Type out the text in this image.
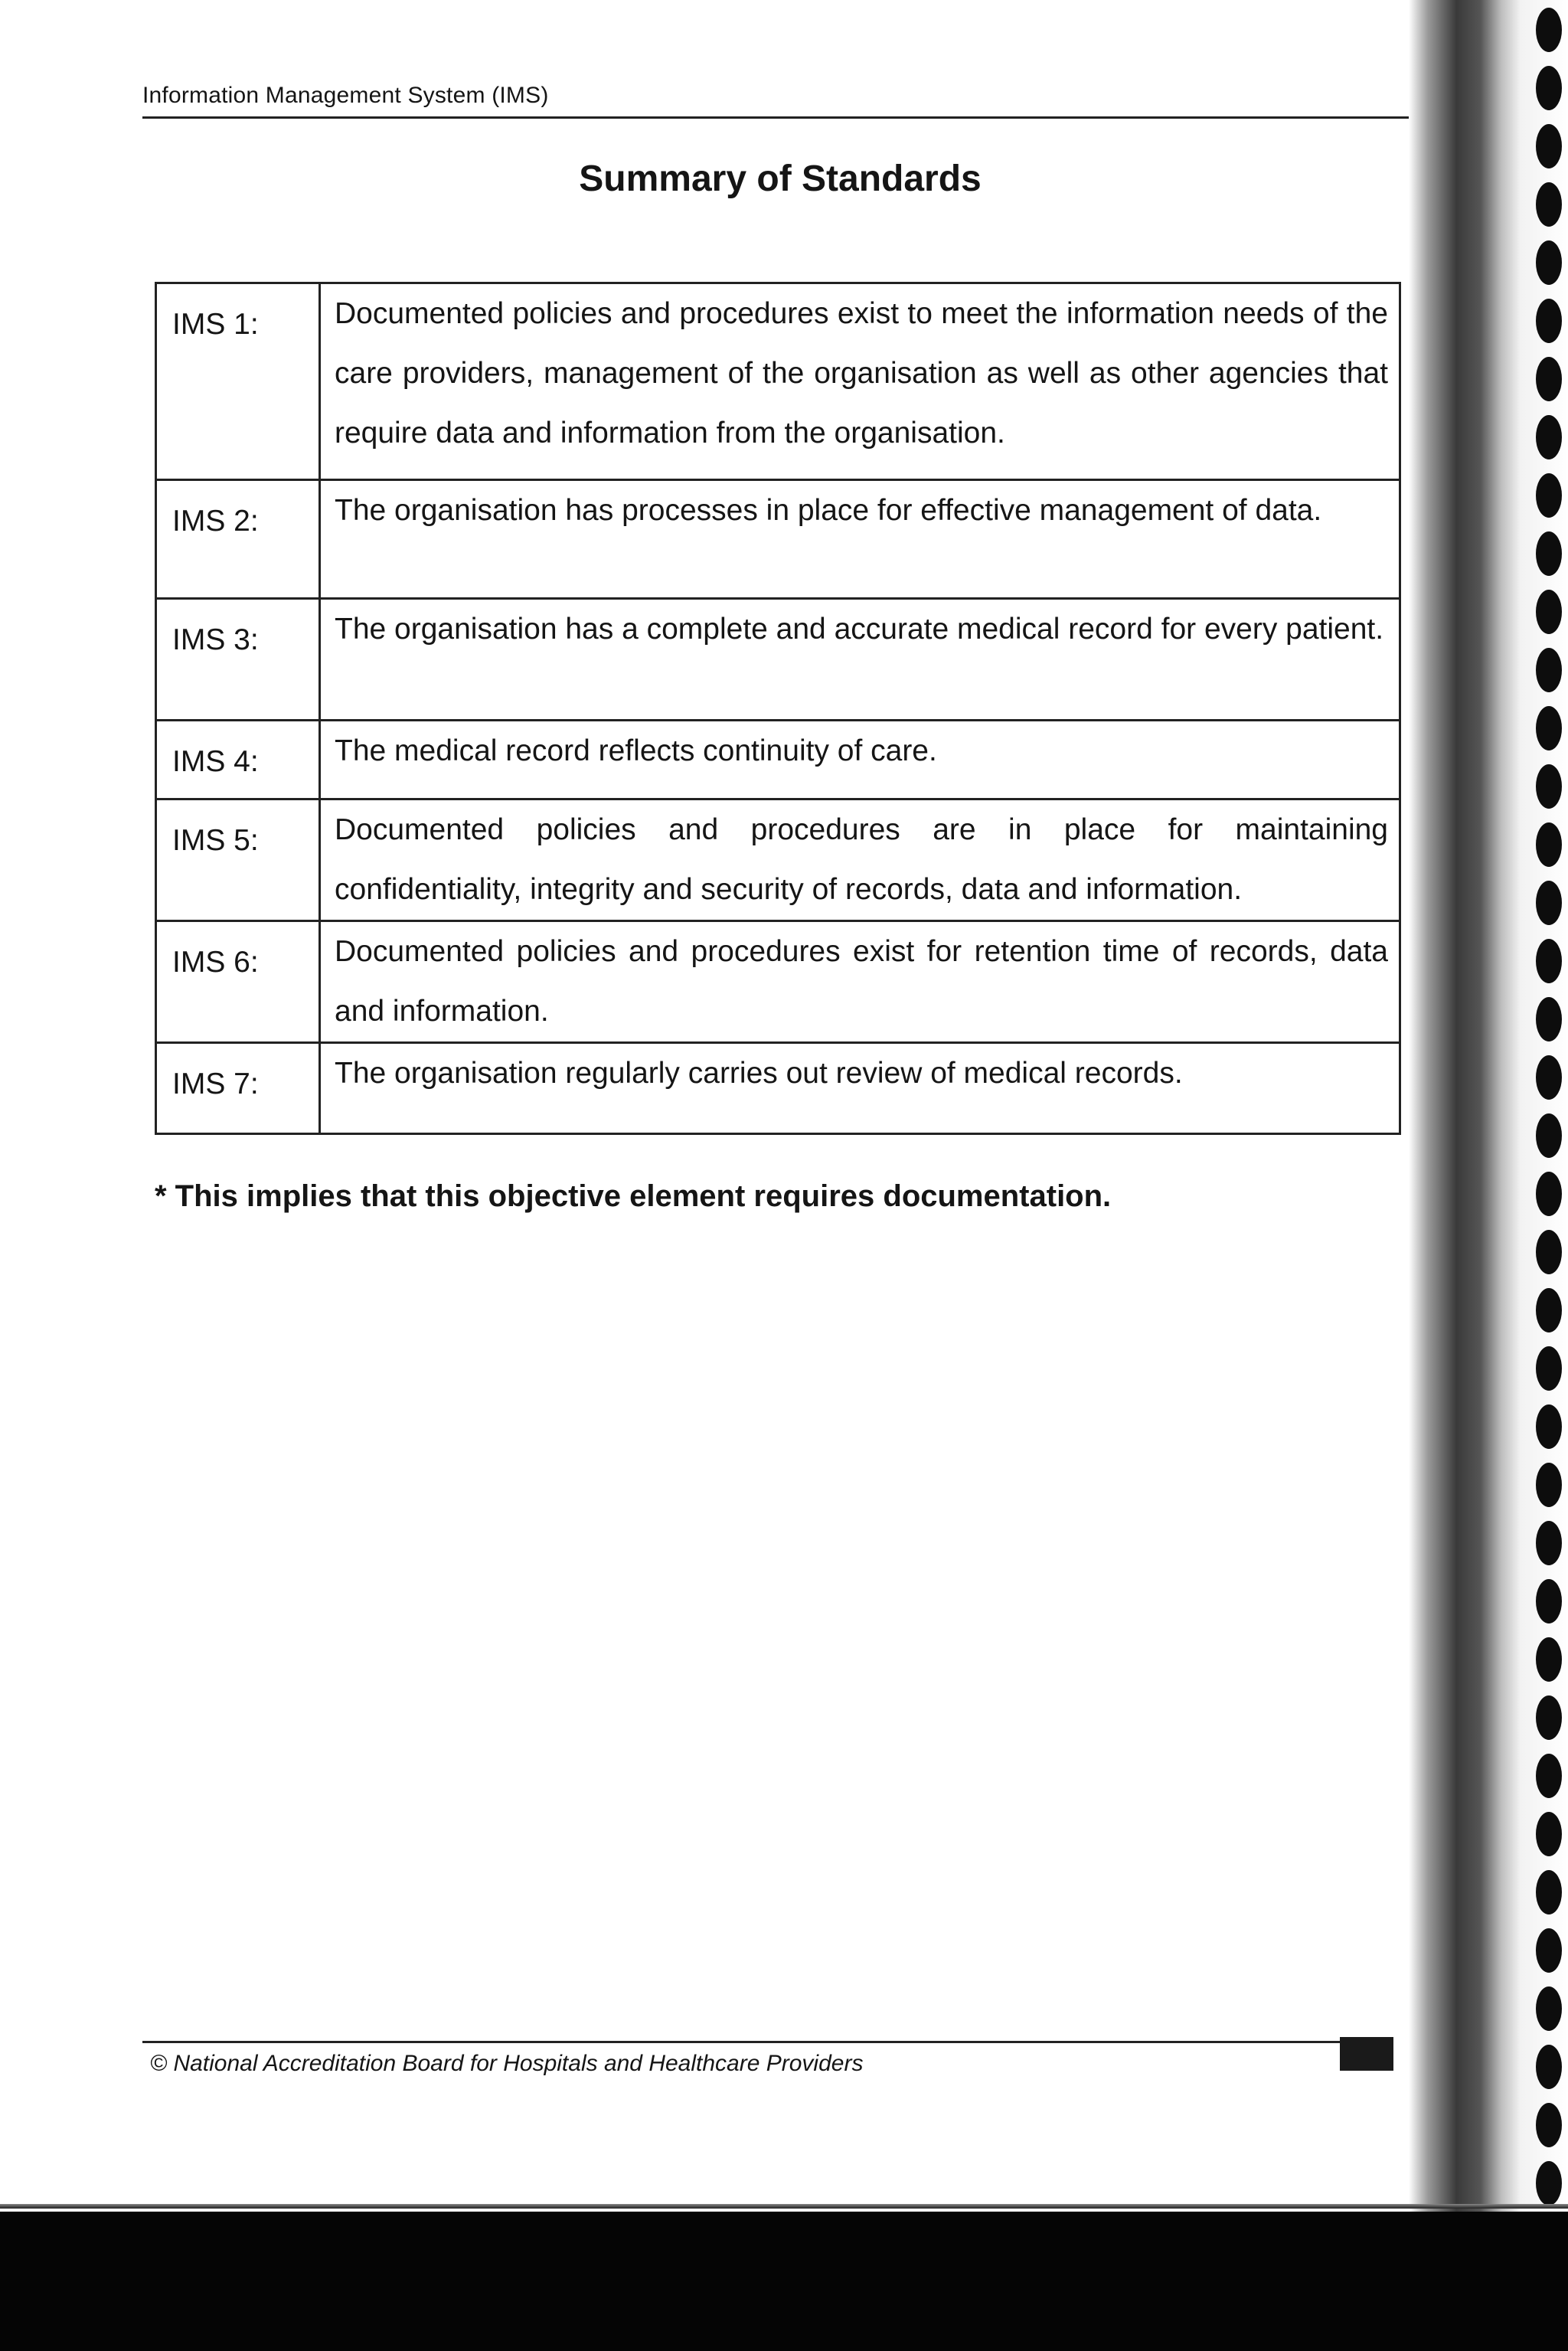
Information Management System (IMS)
Summary of Standards
IMS 1:	Documented policies and procedures exist to meet the information needs of the care providers, management of the organisation as well as other agencies that require data and information from the organisation.
IMS 2:	The organisation has processes in place for effective management of data.
IMS 3:	The organisation has a complete and accurate medical record for every patient.
IMS 4:	The medical record reflects continuity of care.
IMS 5:	Documented policies and procedures are in place for maintaining confidentiality, integrity and security of records, data and information.
IMS 6:	Documented policies and procedures exist for retention time of records, data and information.
IMS 7:	The organisation regularly carries out review of medical records.
* This implies that this objective element requires documentation.
© National Accreditation Board for Hospitals and Healthcare Providers
